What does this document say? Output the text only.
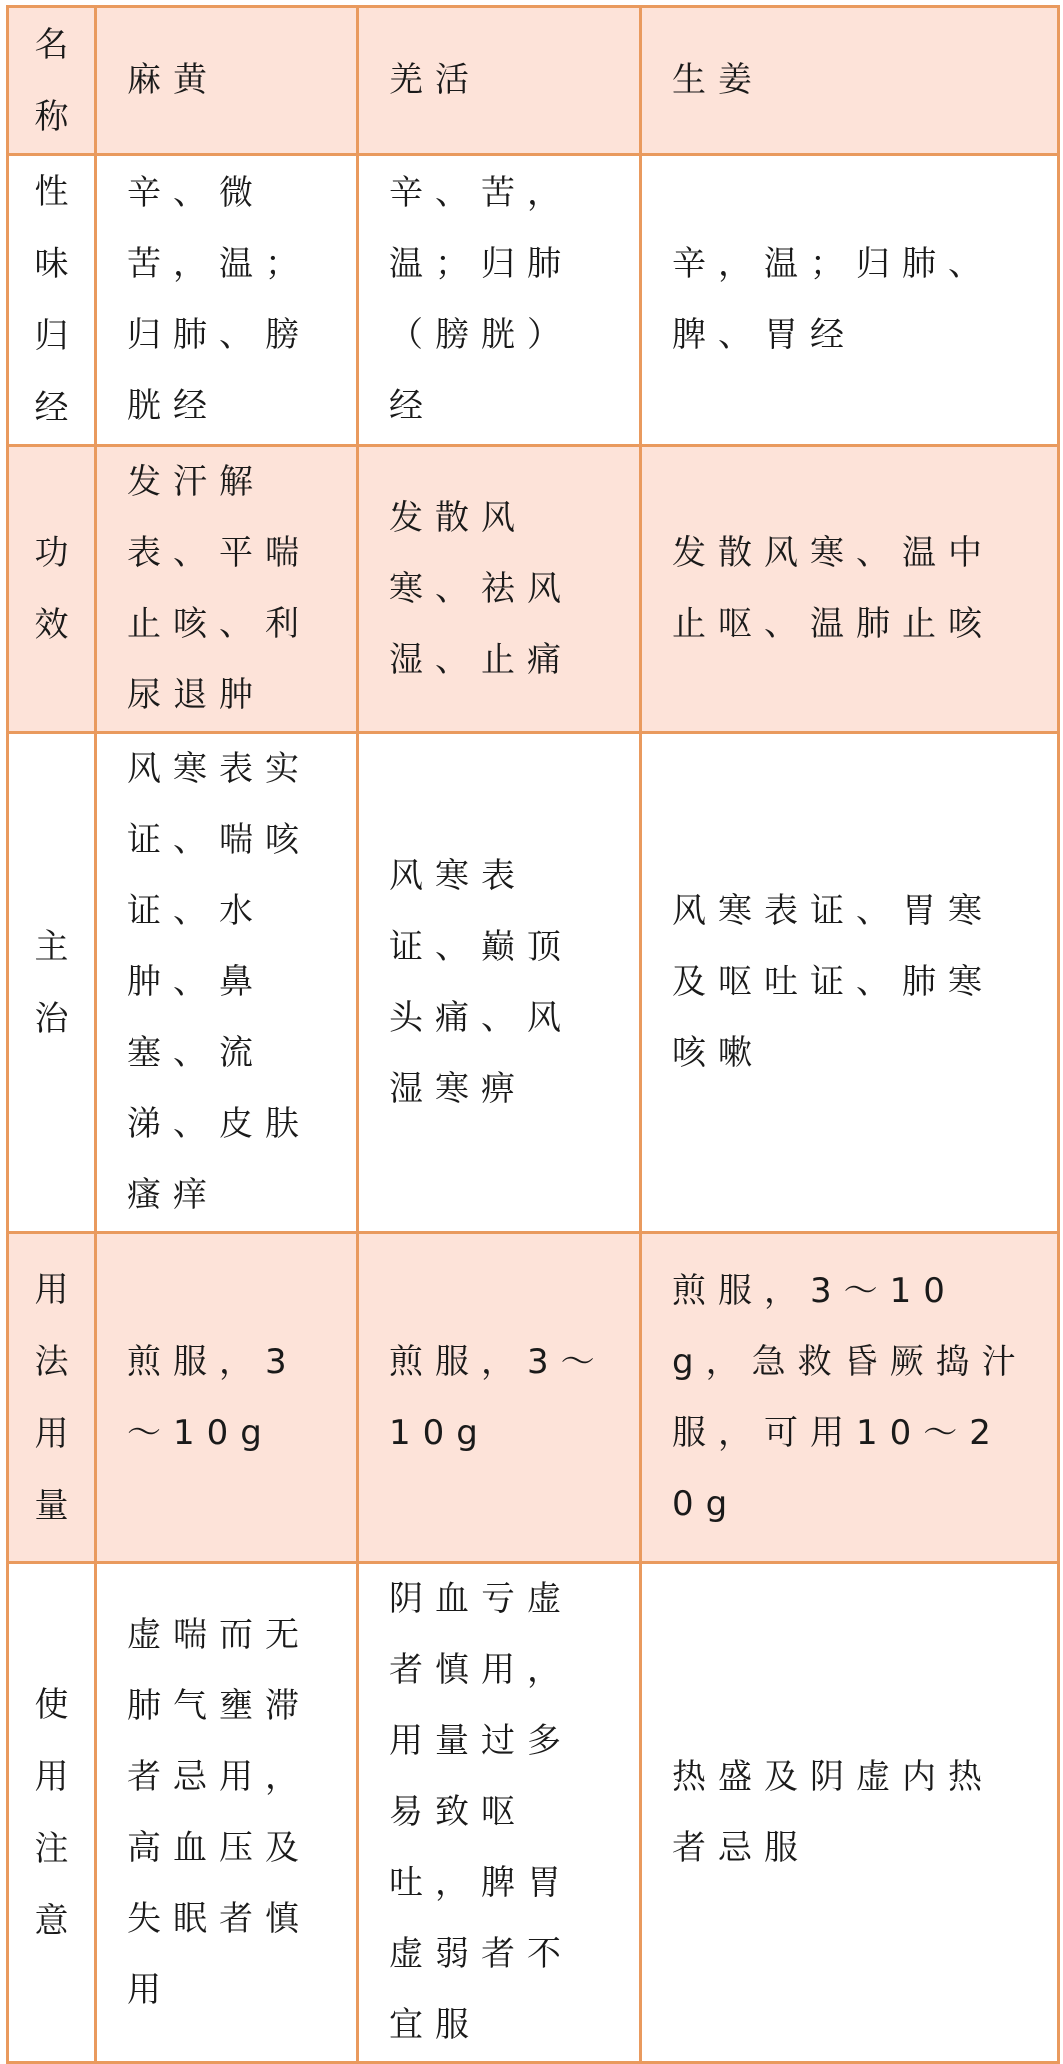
名称	麻黄	羌活	生姜
性味归经	辛、微苦，温；归肺、膀胱经	辛、苦，温；归肺（膀胱）经	辛，温；归肺、脾、胃经
功效	发汗解表、平喘止咳、利尿退肿	发散风寒、祛风湿、止痛	发散风寒、温中止呕、温肺止咳
主治	风寒表实证、喘咳证、水肿、鼻塞、流涕、皮肤瘙痒	风寒表证、巅顶头痛、风湿寒痹	风寒表证、胃寒及呕吐证、肺寒咳嗽
用法用量	煎服，3～10g	煎服，3～10g	煎服，3～10g，急救昏厥捣汁服，可用10～20g
使用注意	虚喘而无肺气壅滞者忌用，高血压及失眠者慎用	阴血亏虚者慎用，用量过多易致呕吐，脾胃虚弱者不宜服	热盛及阴虚内热者忌服
